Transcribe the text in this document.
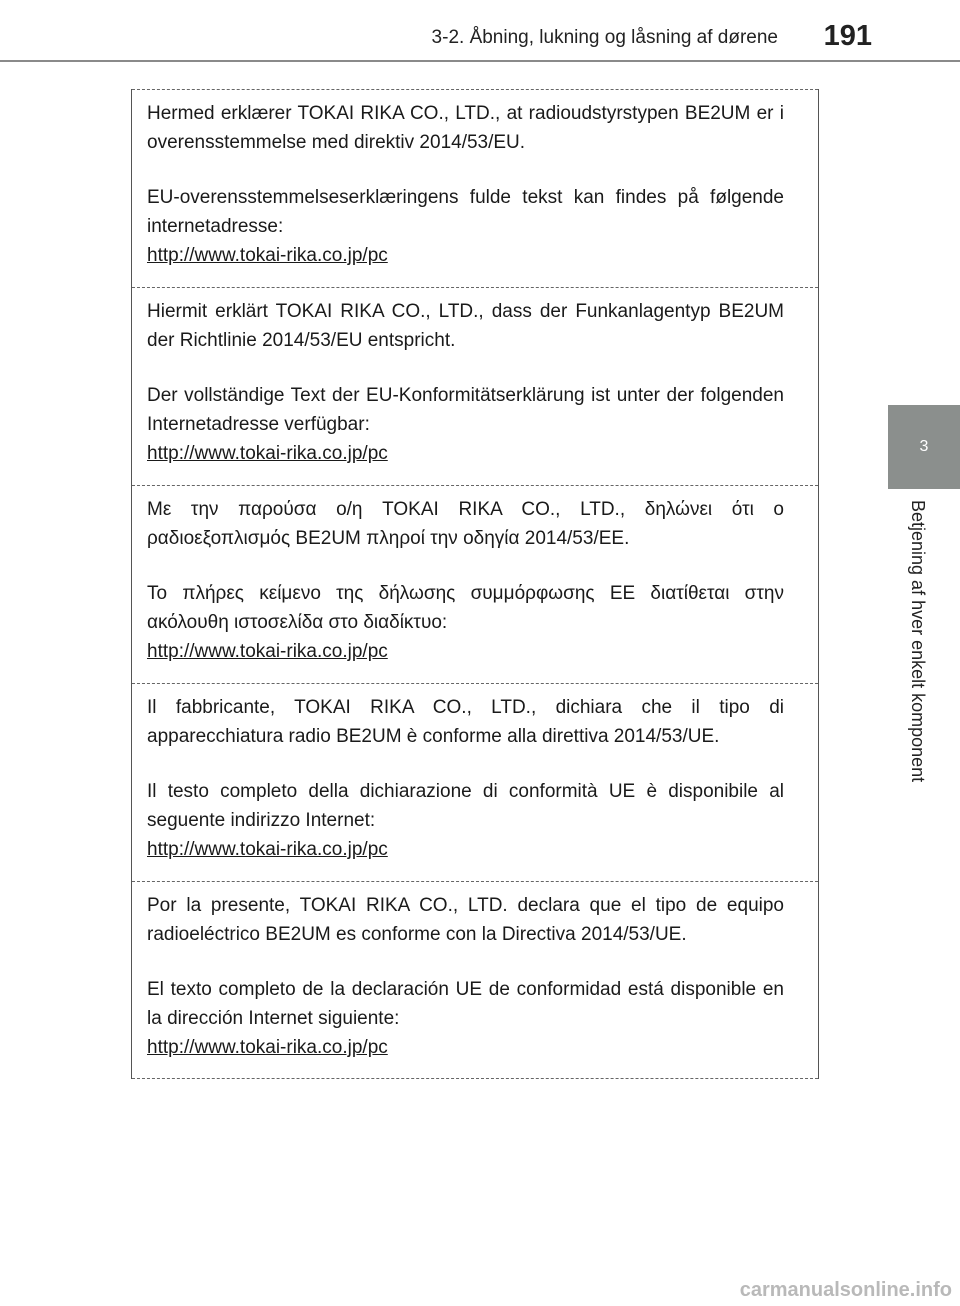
3-2. Åbning, lukning og låsning af dørene 191
3
Betjening af hver enkelt komponent

Hermed erklærer TOKAI RIKA CO., LTD., at radioudstyrstypen BE2UM er i overensstemmelse med direktiv 2014/53/EU.

EU-overensstemmelseserklæringens fulde tekst kan findes på følgende internetadresse:

http://www.tokai-rika.co.jp/pc

Hiermit erklärt TOKAI RIKA CO., LTD., dass der Funkanlagentyp BE2UM der Richtlinie 2014/53/EU entspricht.

Der vollständige Text der EU-Konformitätserklärung ist unter der folgenden Internetadresse verfügbar:

http://www.tokai-rika.co.jp/pc

Με την παρούσα ο/η TOKAI RIKA CO., LTD., δηλώνει ότι ο ραδιοεξοπλισμός BE2UM πληροί την οδηγία 2014/53/ΕΕ.

Το πλήρες κείμενο της δήλωσης συμμόρφωσης ΕΕ διατίθεται στην ακόλουθη ιστοσελίδα στο διαδίκτυο:

http://www.tokai-rika.co.jp/pc

Il fabbricante, TOKAI RIKA CO., LTD., dichiara che il tipo di apparecchiatura radio BE2UM è conforme alla direttiva 2014/53/UE.

Il testo completo della dichiarazione di conformità UE è disponibile al seguente indirizzo Internet:

http://www.tokai-rika.co.jp/pc

Por la presente, TOKAI RIKA CO., LTD. declara que el tipo de equipo radioeléctrico BE2UM es conforme con la Directiva 2014/53/UE.

El texto completo de la declaración UE de conformidad está disponible en la dirección Internet siguiente:

http://www.tokai-rika.co.jp/pc
carmanualsonline.info
